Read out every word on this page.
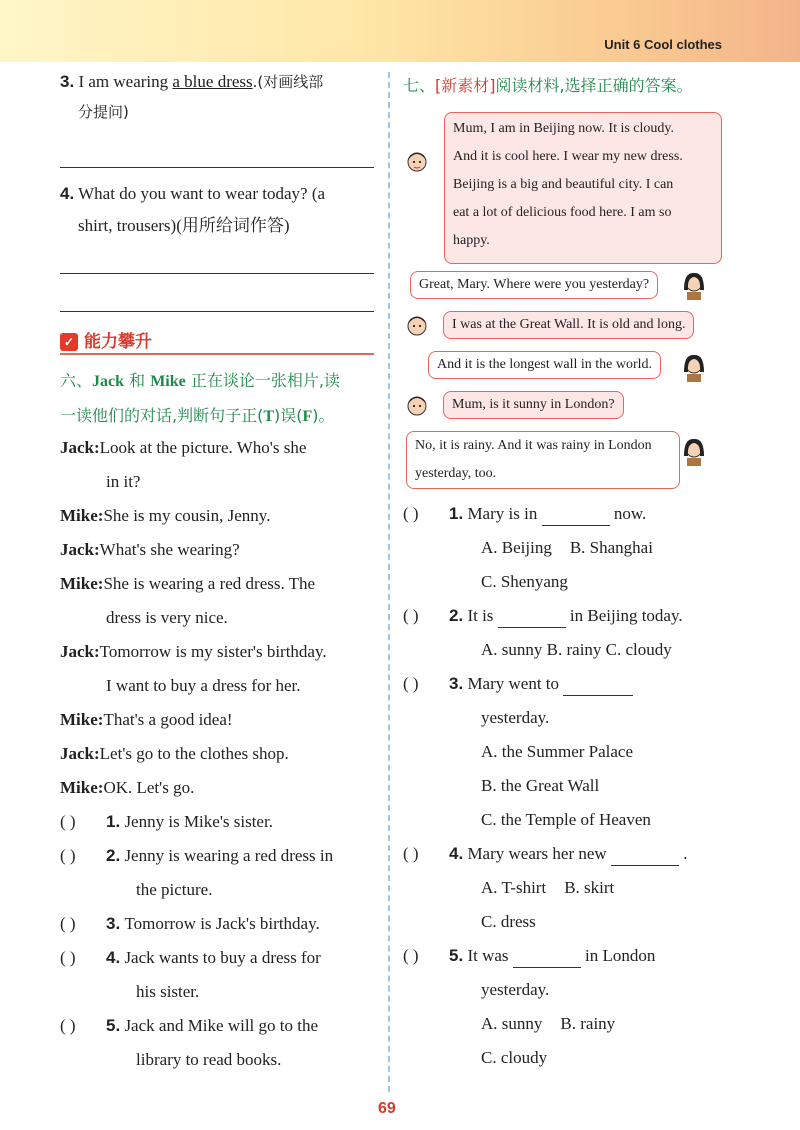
Unit 6 Cool clothes
3. I am wearing a blue dress.(对画线部
分提问)
4. What do you want to wear today? (a
shirt, trousers)(用所给词作答)
✓ 能力攀升
六、Jack 和 Mike 正在谈论一张相片,读
一读他们的对话,判断句子正(T)误(F)。
Jack:Look at the picture. Who's she
in it?
Mike:She is my cousin, Jenny.
Jack:What's she wearing?
Mike:She is wearing a red dress. The
dress is very nice.
Jack:Tomorrow is my sister's birthday.
I want to buy a dress for her.
Mike:That's a good idea!
Jack:Let's go to the clothes shop.
Mike:OK. Let's go.
( )	1.
Jenny is Mike's sister.
( )	2.
Jenny is wearing a red dress in
the picture.
( )	3.
Tomorrow is Jack's birthday.
( )	4.
Jack wants to buy a dress for
his sister.
( )	5.
Jack and Mike will go to the
library to read books.
七、[新素材]阅读材料,选择正确的答案。
Mum, I am in Beijing now. It is cloudy.
And it is cool here. I wear my new dress.
Beijing is a big and beautiful city. I can
eat a lot of delicious food here. I am so
happy.
Great, Mary. Where were you yesterday?
I was at the Great Wall. It is old and long.
And it is the longest wall in the world.
Mum, is it sunny in London?
No, it is rainy. And it was rainy in London
yesterday, too.
( )	1.
Mary is in

	now.
A. Beijing B. Shanghai
C. Shenyang
( )	2.
It is

	in Beijing today.
A. sunny B. rainy C. cloudy
( )	3.
Mary went to

yesterday.
A. the Summer Palace
B. the Great Wall
C. the Temple of Heaven
( )	4.
Mary wears her new

	.
A. T-shirt B. skirt
C. dress
( )	5.
It was

	in London
yesterday.
A. sunny B. rainy
C. cloudy
69
